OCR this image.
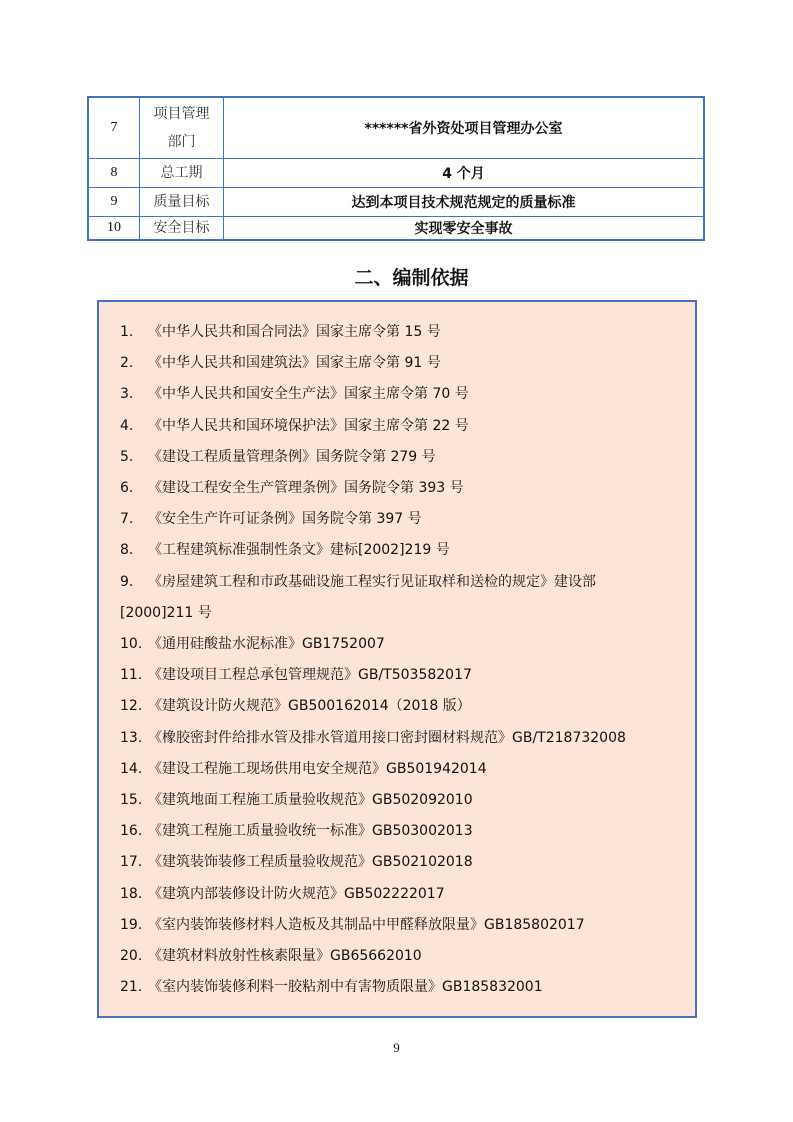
7	项目管理部门	******省外资处项目管理办公室
8	总工期	4 个月
9	质量目标	达到本项目技术规范规定的质量标准
10	安全目标	实现零安全事故
二、编制依据
1. 《中华人民共和国合同法》国家主席令第 15 号
2. 《中华人民共和国建筑法》国家主席令第 91 号
3. 《中华人民共和国安全生产法》国家主席令第 70 号
4. 《中华人民共和国环境保护法》国家主席令第 22 号
5. 《建设工程质量管理条例》国务院令第 279 号
6. 《建设工程安全生产管理条例》国务院令第 393 号
7. 《安全生产许可证条例》国务院令第 397 号
8. 《工程建筑标准强制性条文》建标[2002]219 号
9. 《房屋建筑工程和市政基础设施工程实行见证取样和送检的规定》建设部
[2000]211 号
10. 《通用硅酸盐水泥标准》GB1752007
11. 《建设项目工程总承包管理规范》GB/T503582017
12. 《建筑设计防火规范》GB500162014（2018 版）
13. 《橡胶密封件给排水管及排水管道用接口密封圈材料规范》GB/T218732008
14. 《建设工程施工现场供用电安全规范》GB501942014
15. 《建筑地面工程施工质量验收规范》GB502092010
16. 《建筑工程施工质量验收统一标准》GB503002013
17. 《建筑装饰装修工程质量验收规范》GB502102018
18. 《建筑内部装修设计防火规范》GB502222017
19. 《室内装饰装修材料人造板及其制品中甲醛释放限量》GB185802017
20. 《建筑材料放射性核素限量》GB65662010
21. 《室内装饰装修利料一胶粘剂中有害物质限量》GB185832001
9
